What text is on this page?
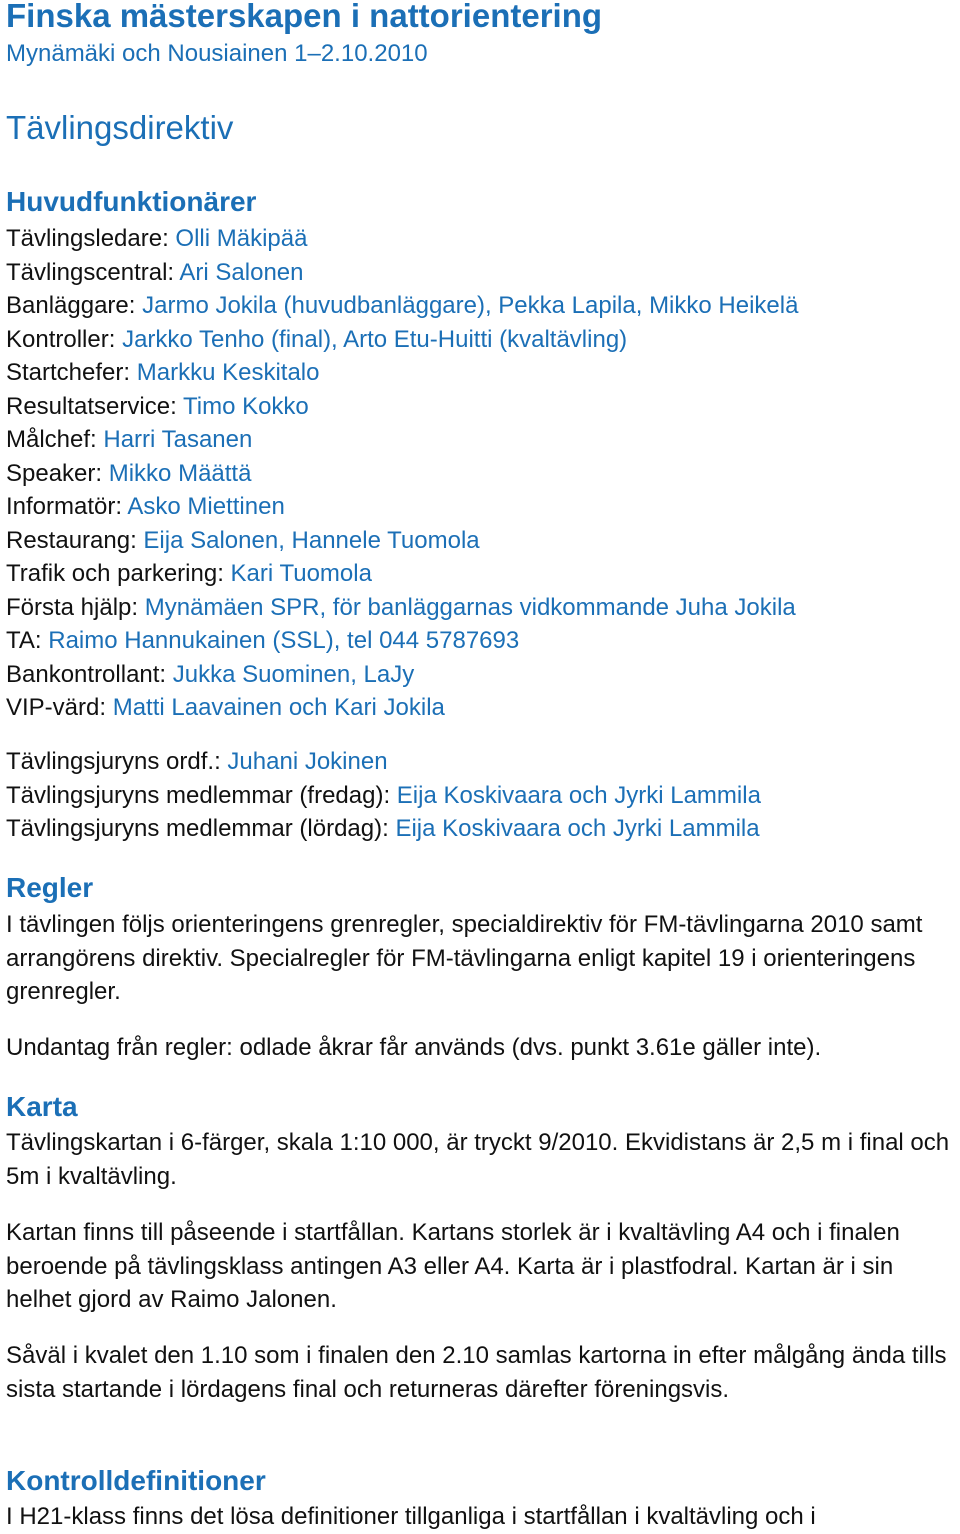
Finska mästerskapen i nattorientering
Mynämäki och Nousiainen 1–2.10.2010
Tävlingsdirektiv
Huvudfunktionärer
Tävlingsledare: Olli Mäkipää
Tävlingscentral: Ari Salonen
Banläggare: Jarmo Jokila (huvudbanläggare), Pekka Lapila, Mikko Heikelä
Kontroller: Jarkko Tenho (final), Arto Etu-Huitti (kvaltävling)
Startchefer: Markku Keskitalo
Resultatservice: Timo Kokko
Målchef: Harri Tasanen
Speaker: Mikko Määttä
Informatör: Asko Miettinen
Restaurang: Eija Salonen, Hannele Tuomola
Trafik och parkering: Kari Tuomola
Första hjälp: Mynämäen SPR, för banläggarnas vidkommande Juha Jokila
TA: Raimo Hannukainen (SSL), tel 044 5787693
Bankontrollant: Jukka Suominen, LaJy
VIP-värd: Matti Laavainen och Kari Jokila
Tävlingsjuryns ordf.: Juhani Jokinen
Tävlingsjuryns medlemmar (fredag): Eija Koskivaara och Jyrki Lammila
Tävlingsjuryns medlemmar (lördag): Eija Koskivaara och Jyrki Lammila
Regler
I tävlingen följs orienteringens grenregler, specialdirektiv för FM-tävlingarna 2010 samt arrangörens direktiv. Specialregler för FM-tävlingarna enligt kapitel 19 i orienteringens grenregler.
Undantag från regler: odlade åkrar får används (dvs. punkt 3.61e gäller inte).
Karta
Tävlingskartan i 6-färger, skala 1:10 000, är tryckt 9/2010. Ekvidistans är 2,5 m i final och 5m i kvaltävling.
Kartan finns till påseende i startfållan. Kartans storlek är i kvaltävling A4 och i finalen beroende på tävlingsklass antingen A3 eller A4. Karta är i plastfodral. Kartan är i sin helhet gjord av Raimo Jalonen.
Såväl i kvalet den 1.10 som i finalen den 2.10 samlas kartorna in efter målgång ända tills sista startande i lördagens final och returneras därefter föreningsvis.
Kontrolldefinitioner
I H21-klass finns det lösa definitioner tillganliga i startfållan i kvaltävling och i
